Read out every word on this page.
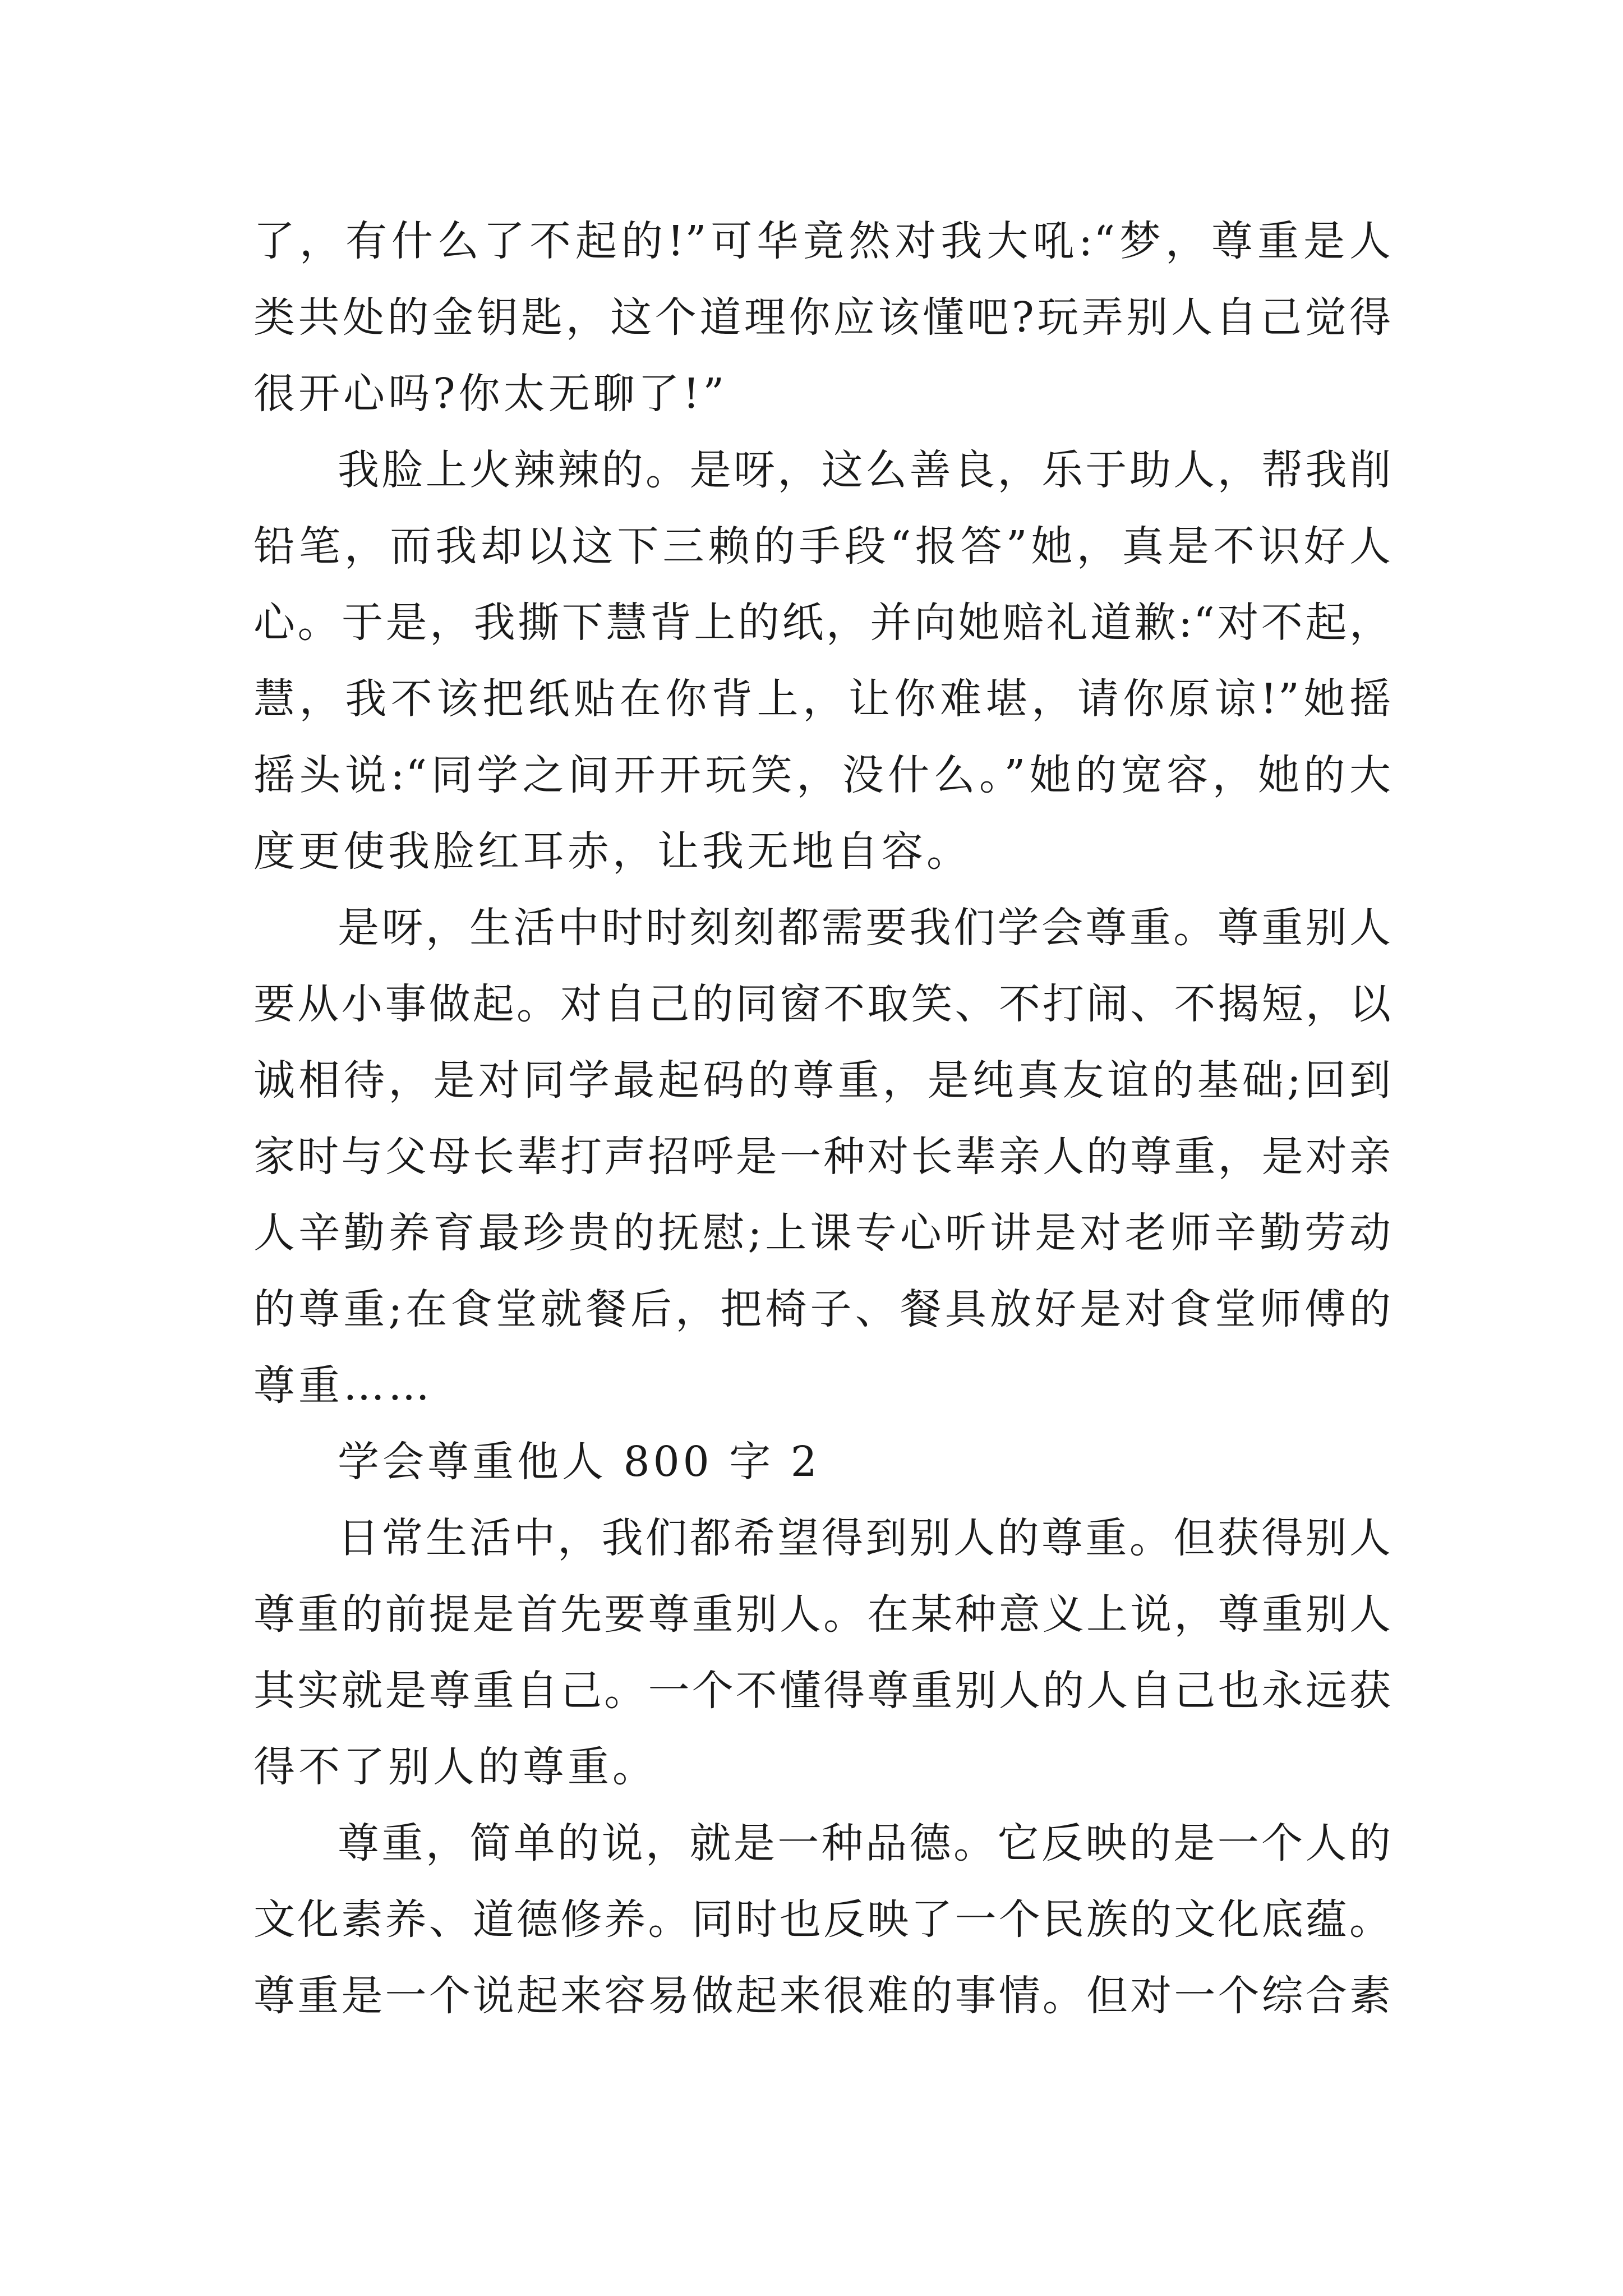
了，有什么了不起的!”可华竟然对我大吼:“梦，尊重是人
类共处的金钥匙，这个道理你应该懂吧?玩弄别人自己觉得
很开心吗?你太无聊了!”
我脸上火辣辣的。是呀，这么善良，乐于助人，帮我削
铅笔，而我却以这下三赖的手段“报答”她，真是不识好人
心。于是，我撕下慧背上的纸，并向她赔礼道歉:“对不起，
慧，我不该把纸贴在你背上，让你难堪，请你原谅!”她摇
摇头说:“同学之间开开玩笑，没什么。”她的宽容，她的大
度更使我脸红耳赤，让我无地自容。
是呀，生活中时时刻刻都需要我们学会尊重。尊重别人
要从小事做起。对自己的同窗不取笑、不打闹、不揭短，以
诚相待，是对同学最起码的尊重，是纯真友谊的基础;回到
家时与父母长辈打声招呼是一种对长辈亲人的尊重，是对亲
人辛勤养育最珍贵的抚慰;上课专心听讲是对老师辛勤劳动
的尊重;在食堂就餐后，把椅子、餐具放好是对食堂师傅的
尊重……
学会尊重他人 800 字 2
日常生活中，我们都希望得到别人的尊重。但获得别人
尊重的前提是首先要尊重别人。在某种意义上说，尊重别人
其实就是尊重自己。一个不懂得尊重别人的人自己也永远获
得不了别人的尊重。
尊重，简单的说，就是一种品德。它反映的是一个人的
文化素养、道德修养。同时也反映了一个民族的文化底蕴。
尊重是一个说起来容易做起来很难的事情。但对一个综合素
